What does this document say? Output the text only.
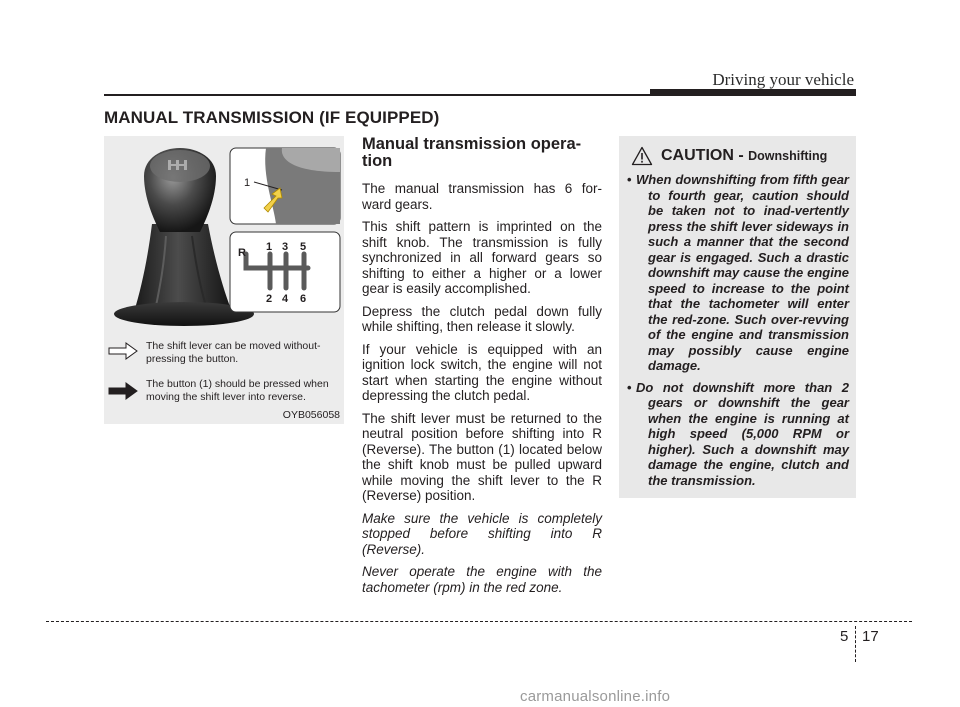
Driving your vehicle
MANUAL TRANSMISSION (IF EQUIPPED)
1
R 1 3 5
2 4 6
The shift lever can be moved without-pressing the button.
The button (1) should be pressed when moving the shift lever into reverse.
OYB056058
Manual transmission opera-tion

The manual transmission has 6 for-ward gears.

This shift pattern is imprinted on the shift knob. The transmission is fully synchronized in all forward gears so shifting to either a higher or a lower gear is easily accomplished.

Depress the clutch pedal down fully while shifting, then release it slowly.

If your vehicle is equipped with an ignition lock switch, the engine will not start when starting the engine without depressing the clutch pedal.

The shift lever must be returned to the neutral position before shifting into R (Reverse). The button (1) located below the shift knob must be pulled upward while moving the shift lever to the R (Reverse) position.

Make sure the vehicle is completely stopped before shifting into R (Reverse).

Never operate the engine with the tachometer (rpm) in the red zone.

CAUTION - Downshifting
• When downshifting from fifth gear to fourth gear, caution should be taken not to inad-vertently press the shift lever sideways in such a manner that the second gear is engaged. Such a drastic downshift may cause the engine speed to increase to the point that the tachometer will enter the red-zone. Such over-revving of the engine and transmission may possibly cause engine damage.
• Do not downshift more than 2 gears or downshift the gear when the engine is running at high speed (5,000 RPM or higher). Such a downshift may damage the engine, clutch and the transmission.
5 17
carmanualsonline.info
